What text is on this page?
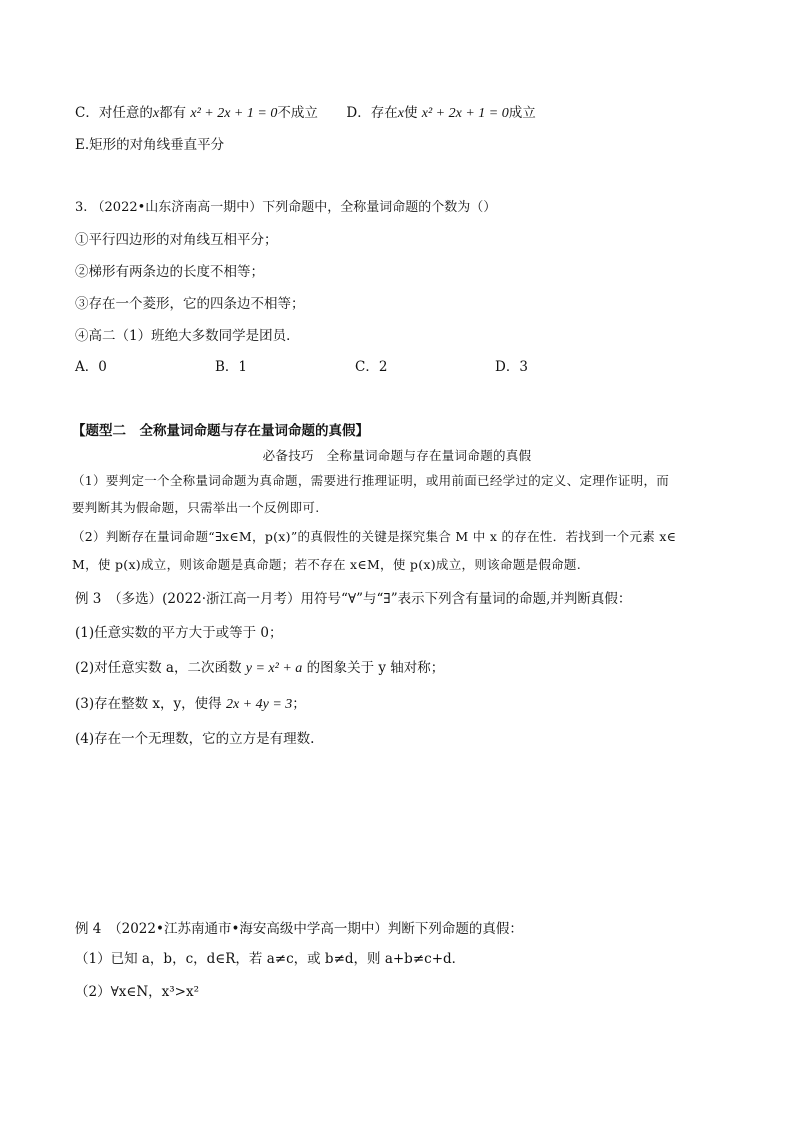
C．对任意的x都有 x² + 2x + 1 = 0不成立 D．存在x使 x² + 2x + 1 = 0成立
E.矩形的对角线垂直平分
3. （2022•山东济南高一期中）下列命题中，全称量词命题的个数为（）
①平行四边形的对角线互相平分；
②梯形有两条边的长度不相等；
③存在一个菱形，它的四条边不相等；
④高二（1）班绝大多数同学是团员．
A．0	B．1	C．2	D．3
【题型二　全称量词命题与存在量词命题的真假】
必备技巧　全称量词命题与存在量词命题的真假
（1）要判定一个全称量词命题为真命题，需要进行推理证明，或用前面已经学过的定义、定理作证明，而
要判断其为假命题，只需举出一个反例即可.
（2）判断存在量词命题“∃x∈M，p(x)”的真假性的关键是探究集合 M 中 x 的存在性．若找到一个元素 x∈
M，使 p(x)成立，则该命题是真命题；若不存在 x∈M，使 p(x)成立，则该命题是假命题.
例 3　（多选）(2022·浙江高一月考）用符号“∀”与“∃”表示下列含有量词的命题,并判断真假：
(1)任意实数的平方大于或等于 0；
(2)对任意实数 a，二次函数 y = x² + a 的图象关于 y 轴对称；
(3)存在整数 x，y，使得 2x + 4y = 3；
(4)存在一个无理数，它的立方是有理数.
例 4　（2022•江苏南通市•海安高级中学高一期中）判断下列命题的真假：
（1）已知 a，b，c，d∈R，若 a≠c，或 b≠d，则 a+b≠c+d．
（2）∀x∈N，x³>x²
